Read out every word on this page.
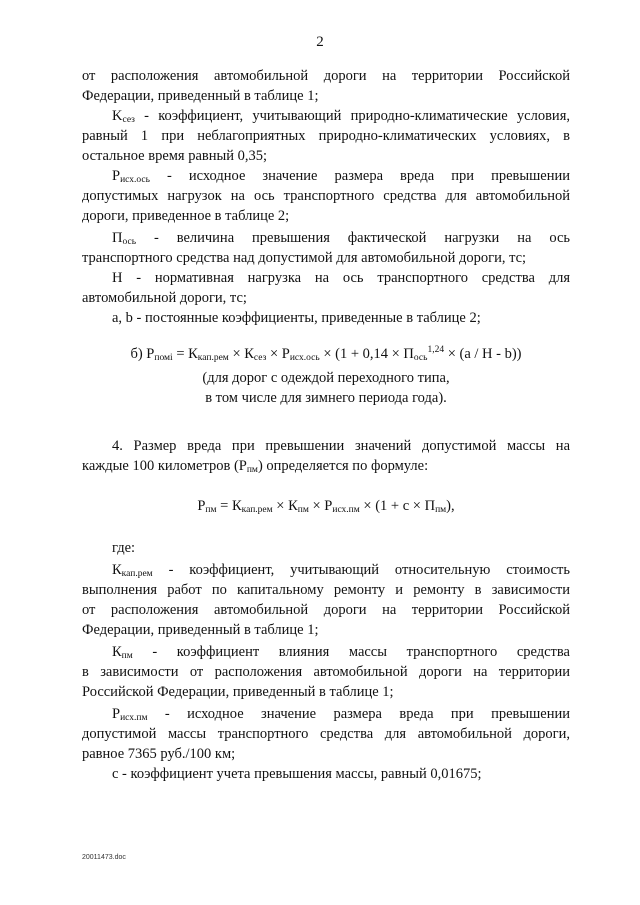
2

от расположения автомобильной дороги на территории Российской

Федерации, приведенный в таблице 1;

$K_{сез}$ - коэффициент, учитывающий природно-климатические условия,

равный 1 при неблагоприятных природно-климатических условиях, в

остальное время равный 0,35;

$Р_{исх.ось}$ - исходное значение размера вреда при превышении

допустимых нагрузок на ось транспортного средства для автомобильной

дороги, приведенное в таблице 2;

$П_{ось}$ - величина превышения фактической нагрузки на ось

транспортного средства над допустимой для автомобильной дороги, тс;

Н - нормативная нагрузка на ось транспортного средства для

автомобильной дороги, тс;

a, b - постоянные коэффициенты, приведенные в таблице 2;

б) $Р_{помі} = К_{кап.рем} \times К_{сез} \times Р_{исх.ось} \times (1 + 0,14 \times П_{ось}^{1,24} \times (a / H - b))$

(для дорог с одеждой переходного типа,

в том числе для зимнего периода года).

4. Размер вреда при превышении значений допустимой массы на

каждые 100 километров $(Р_{пм})$ определяется по формуле:

$Р_{пм} = К_{кап.рем} \times К_{пм} \times Р_{исх.пм} \times (1 + с \times П_{пм})$,

где:

$К_{кап.рем}$ - коэффициент, учитывающий относительную стоимость

выполнения работ по капитальному ремонту и ремонту в зависимости

от расположения автомобильной дороги на территории Российской

Федерации, приведенный в таблице 1;

$К_{пм}$ - коэффициент влияния массы транспортного средства

в зависимости от расположения автомобильной дороги на территории

Российской Федерации, приведенный в таблице 1;

$Р_{исх.пм}$ - исходное значение размера вреда при превышении

допустимой массы транспортного средства для автомобильной дороги,

равное 7365 руб./100 км;

с - коэффициент учета превышения массы, равный 0,01675;

20011473.doc
